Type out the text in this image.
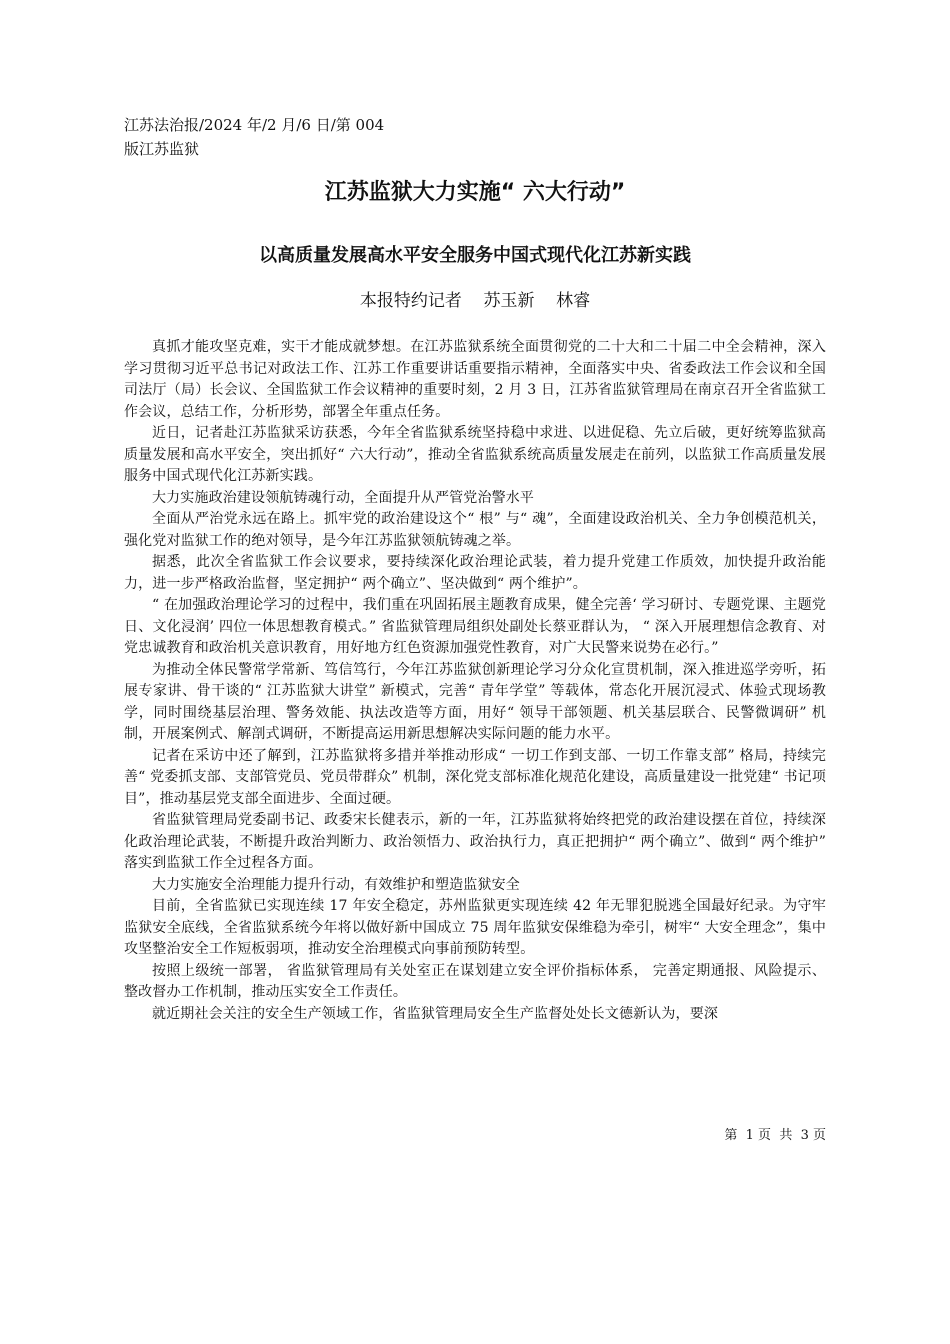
江苏法治报/2024 年/2 月/6 日/第 004
版江苏监狱
江苏监狱大力实施“ 六大行动”
以高质量发展高水平安全服务中国式现代化江苏新实践
本报特约记者    苏玉新    林睿

真抓才能攻坚克难，实干才能成就梦想。在江苏监狱系统全面贯彻党的二十大和二十届二中全会精神，深入学习贯彻习近平总书记对政法工作、江苏工作重要讲话重要指示精神，全面落实中央、省委政法工作会议和全国司法厅（局）长会议、全国监狱工作会议精神的重要时刻，2 月 3 日，江苏省监狱管理局在南京召开全省监狱工作会议，总结工作，分析形势，部署全年重点任务。

近日，记者赴江苏监狱采访获悉，今年全省监狱系统坚持稳中求进、以进促稳、先立后破，更好统筹监狱高质量发展和高水平安全，突出抓好“ 六大行动”，推动全省监狱系统高质量发展走在前列，以监狱工作高质量发展服务中国式现代化江苏新实践。

大力实施政治建设领航铸魂行动，全面提升从严管党治警水平

全面从严治党永远在路上。抓牢党的政治建设这个“ 根” 与“ 魂”，全面建设政治机关、全力争创模范机关，强化党对监狱工作的绝对领导，是今年江苏监狱领航铸魂之举。

据悉，此次全省监狱工作会议要求，要持续深化政治理论武装，着力提升党建工作质效，加快提升政治能力，进一步严格政治监督，坚定拥护“ 两个确立”、坚决做到“ 两个维护”。

“ 在加强政治理论学习的过程中，我们重在巩固拓展主题教育成果，健全完善‘ 学习研讨、专题党课、主题党日、文化浸润’ 四位一体思想教育模式。” 省监狱管理局组织处副处长蔡亚群认为， “ 深入开展理想信念教育、对党忠诚教育和政治机关意识教育，用好地方红色资源加强党性教育，对广大民警来说势在必行。”

为推动全体民警常学常新、笃信笃行，今年江苏监狱创新理论学习分众化宣贯机制，深入推进巡学旁听，拓展专家讲、骨干谈的“ 江苏监狱大讲堂” 新模式，完善“ 青年学堂” 等载体，常态化开展沉浸式、体验式现场教学，同时围绕基层治理、警务效能、执法改造等方面，用好“ 领导干部领题、机关基层联合、民警微调研” 机制，开展案例式、解剖式调研，不断提高运用新思想解决实际问题的能力水平。

记者在采访中还了解到，江苏监狱将多措并举推动形成“ 一切工作到支部、一切工作靠支部” 格局，持续完善“ 党委抓支部、支部管党员、党员带群众” 机制，深化党支部标准化规范化建设，高质量建设一批党建“ 书记项目”，推动基层党支部全面进步、全面过硬。

省监狱管理局党委副书记、政委宋长健表示，新的一年，江苏监狱将始终把党的政治建设摆在首位，持续深化政治理论武装，不断提升政治判断力、政治领悟力、政治执行力，真正把拥护“ 两个确立”、做到“ 两个维护” 落实到监狱工作全过程各方面。

大力实施安全治理能力提升行动，有效维护和塑造监狱安全

目前，全省监狱已实现连续 17 年安全稳定，苏州监狱更实现连续 42 年无罪犯脱逃全国最好纪录。为守牢监狱安全底线，全省监狱系统今年将以做好新中国成立 75 周年监狱安保维稳为牵引，树牢“ 大安全理念”，集中攻坚整治安全工作短板弱项，推动安全治理模式向事前预防转型。

按照上级统一部署， 省监狱管理局有关处室正在谋划建立安全评价指标体系， 完善定期通报、风险提示、整改督办工作机制，推动压实安全工作责任。

就近期社会关注的安全生产领域工作，省监狱管理局安全生产监督处处长文德新认为，要深

第  1 页  共  3 页
